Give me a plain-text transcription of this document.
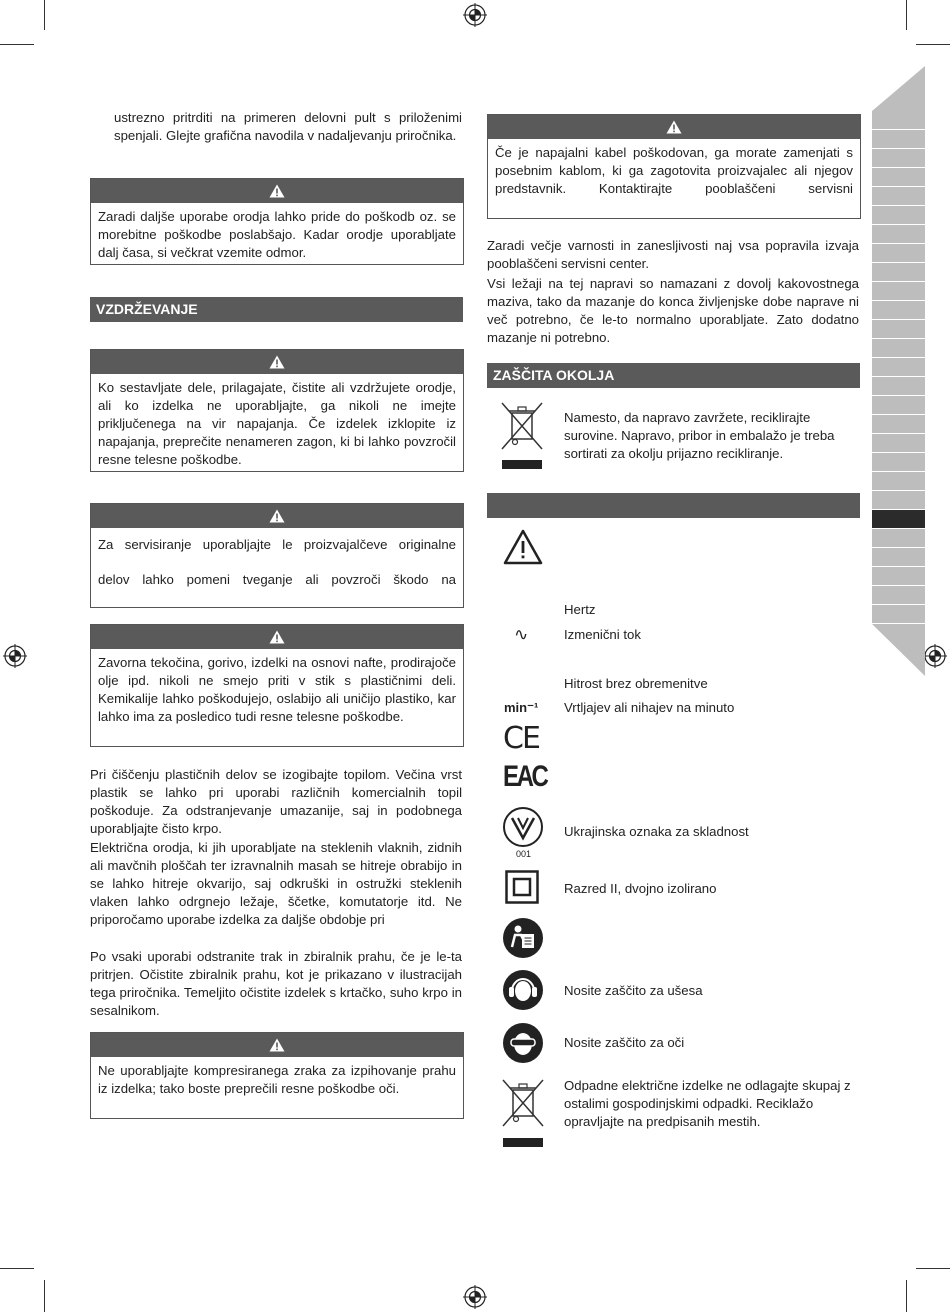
ustrezno pritrditi na primeren delovni pult s priloženimi spenjali. Glejte grafična navodila v nadaljevanju priročnika.

Zaradi daljše uporabe orodja lahko pride do poškodb oz. se morebitne poškodbe poslabšajo. Kadar orodje uporabljate dalj časa, si večkrat vzemite odmor.

VZDRŽEVANJE

Ko sestavljate dele, prilagajate, čistite ali vzdržujete orodje, ali ko izdelka ne uporabljajte, ga nikoli ne imejte priključenega na vir napajanja. Če izdelek izklopite iz napajanja, preprečite nenameren zagon, ki bi lahko povzročil resne telesne poškodbe.

Za servisiranje uporabljajte le proizvajalčeve originalne

delov lahko pomeni tveganje ali povzroči škodo na

Zavorna tekočina, gorivo, izdelki na osnovi nafte, prodirajoče olje ipd. nikoli ne smejo priti v stik s plastičnimi deli. Kemikalije lahko poškodujejo, oslabijo ali uničijo plastiko, kar lahko ima za posledico tudi resne telesne poškodbe.

Pri čiščenju plastičnih delov se izogibajte topilom. Večina vrst plastik se lahko pri uporabi različnih komercialnih topil poškoduje. Za odstranjevanje umazanije, saj in podobnega uporabljajte čisto krpo.
Električna orodja, ki jih uporabljate na steklenih vlaknih, zidnih ali mavčnih ploščah ter izravnalnih masah se hitreje obrabijo in se lahko hitreje okvarijo, saj odkruški in ostružki steklenih vlaken lahko odrgnejo ležaje, ščetke, komutatorje itd. Ne priporočamo uporabe izdelka za daljše obdobje pri
Po vsaki uporabi odstranite trak in zbiralnik prahu, če je le-ta pritrjen. Očistite zbiralnik prahu, kot je prikazano v ilustracijah tega priročnika. Temeljito očistite izdelek s krtačko, suho krpo in sesalnikom.

Ne uporabljajte kompresiranega zraka za izpihovanje prahu iz izdelka; tako boste preprečili resne poškodbe oči.

Če je napajalni kabel poškodovan, ga morate zamenjati s posebnim kablom, ki ga zagotovita proizvajalec ali njegov predstavnik. Kontaktirajte pooblaščeni servisni

Zaradi večje varnosti in zanesljivosti naj vsa popravila izvaja pooblaščeni servisni center.
Vsi ležaji na tej napravi so namazani z dovolj kakovostnega maziva, tako da mazanje do konca življenjske dobe naprave ni več potrebno, če le-to normalno uporabljate. Zato dodatno mazanje ni potrebno.
ZAŠČITA OKOLJA
Namesto, da napravo zavržete, reciklirajte surovine. Napravo, pribor in embalažo je treba sortirati za okolju prijazno recikliranje.
Hertz
∿	Izmenični tok
Hitrost brez obremenitve
min⁻¹ Vrtljajev ali nihajev na minuto
CE
EAC
001
Ukrajinska oznaka za skladnost
Razred II, dvojno izolirano
Nosite zaščito za ušesa
Nosite zaščito za oči
Odpadne električne izdelke ne odlagajte skupaj z ostalimi gospodinjskimi odpadki. Reciklažo opravljajte na predpisanih mestih.
